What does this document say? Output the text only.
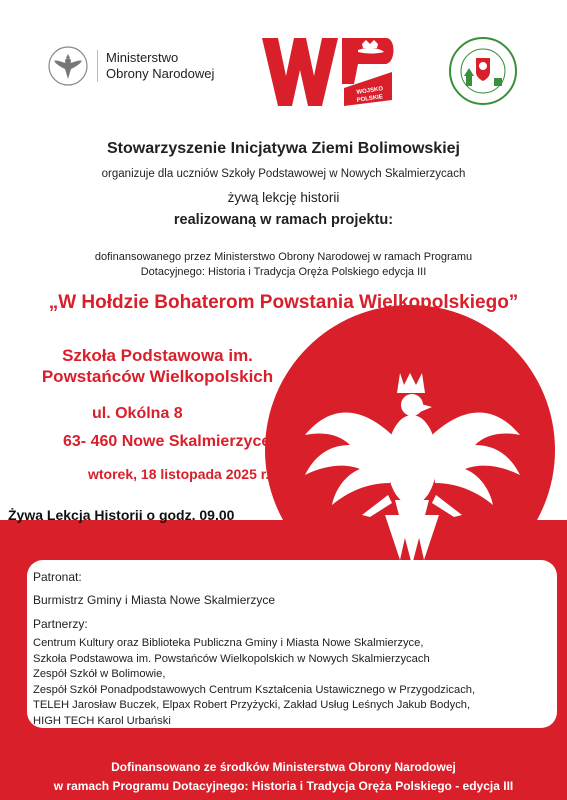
Ministerstwo
Obrony Narodowej
WOJSKO
POLSKIE
Stowarzyszenie Inicjatywa Ziemi Bolimowskiej
organizuje dla uczniów Szkoły Podstawowej w Nowych Skalmierzycach
żywą lekcję historii
realizowaną w ramach projektu:
dofinansowanego przez Ministerstwo Obrony Narodowej w ramach Programu
Dotacyjnego: Historia i Tradycja Oręża Polskiego edycja III
„W Hołdzie Bohaterom Powstania Wielkopolskiego”
Szkoła Podstawowa im.
Powstańców Wielkopolskich
ul. Okólna 8
63- 460 Nowe Skalmierzyce
wtorek, 18 listopada 2025 r.
Żywa Lekcja Historii o godz. 09.00
Patronat:
Burmistrz Gminy i Miasta Nowe Skalmierzyce
Partnerzy:
Centrum Kultury oraz Biblioteka Publiczna Gminy i Miasta Nowe Skalmierzyce,
Szkoła Podstawowa im. Powstańców Wielkopolskich w Nowych Skalmierzycach
Zespół Szkół w Bolimowie,
Zespół Szkół Ponadpodstawowych Centrum Kształcenia Ustawicznego w Przygodzicach,
TELEH Jarosław Buczek, Elpax Robert Przyżycki, Zakład Usług Leśnych Jakub Bodych,
HIGH TECH Karol Urbański
Dofinansowano ze środków Ministerstwa Obrony Narodowej
w ramach Programu Dotacyjnego: Historia i Tradycja Oręża Polskiego - edycja III
